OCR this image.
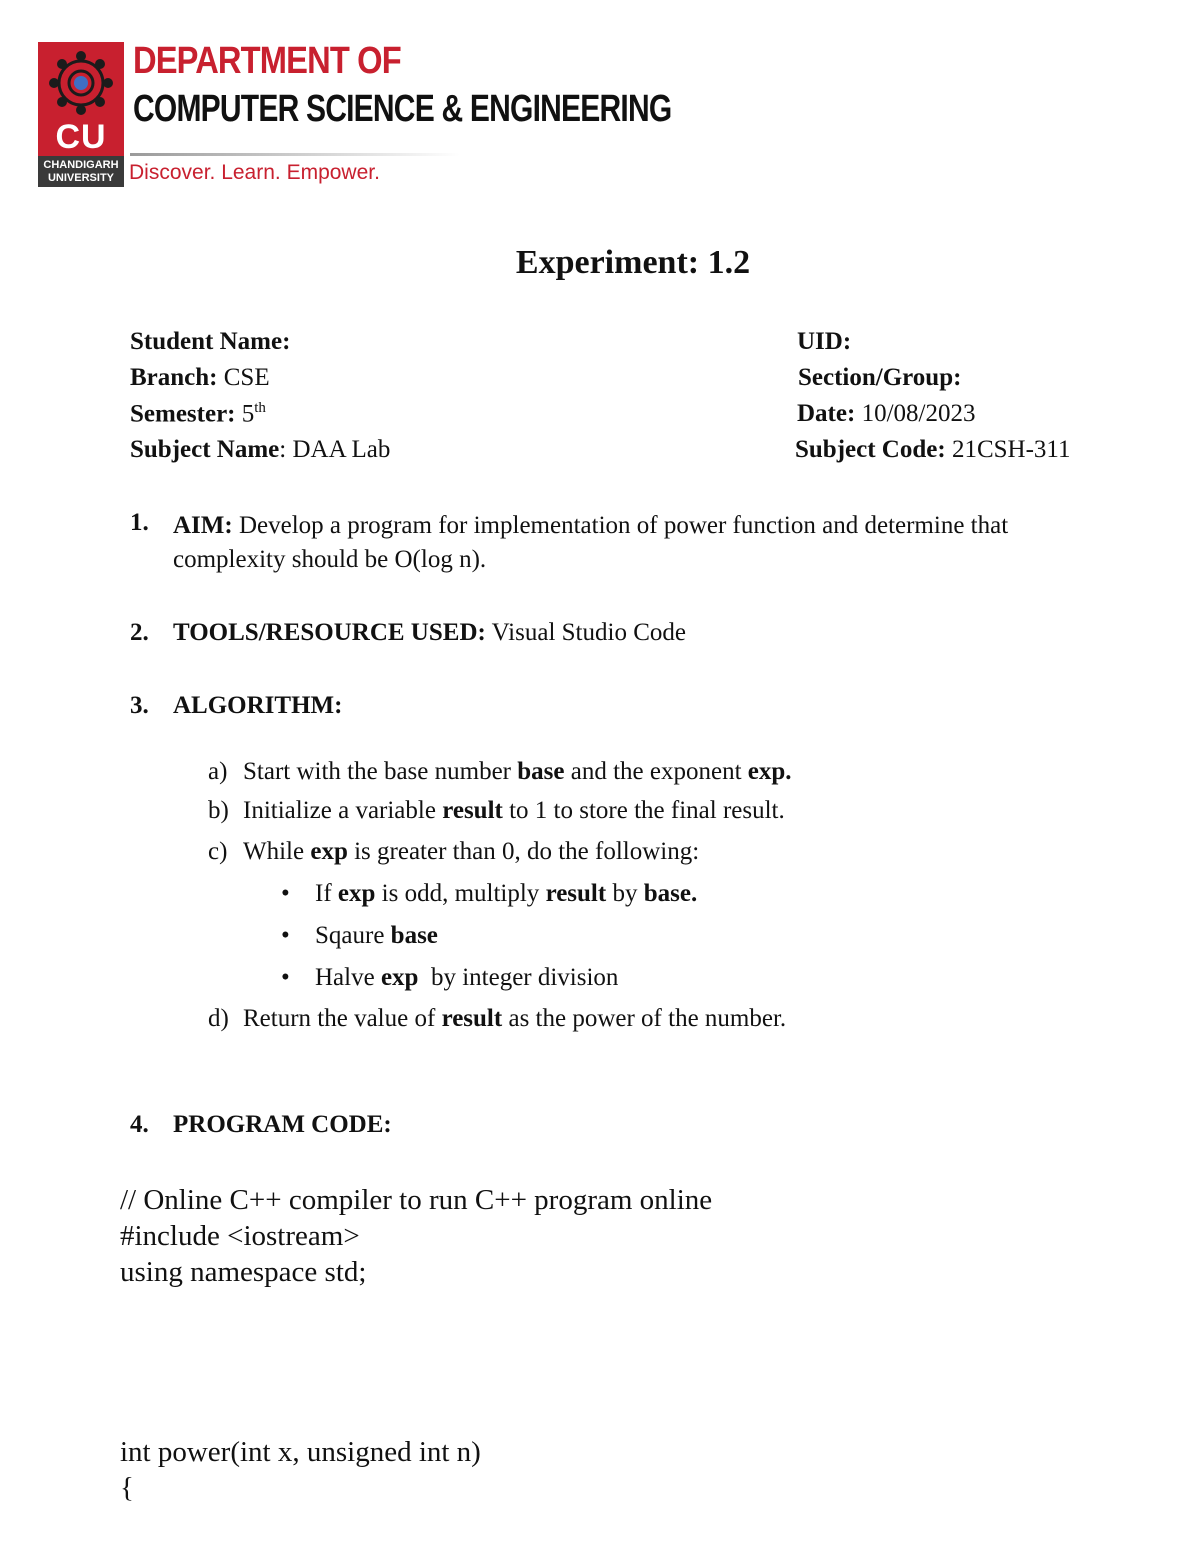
CU
CHANDIGARH
UNIVERSITY
DEPARTMENT OF
COMPUTER SCIENCE & ENGINEERING
Discover. Learn. Empower.
Experiment: 1.2
Student Name:	UID:
Branch: CSE	Section/Group:
Semester: 5th	Date: 10/08/2023
Subject Name: DAA Lab	Subject Code: 21CSH-311
1. AIM: Develop a program for implementation of power function and determine that complexity should be O(log n).
2. TOOLS/RESOURCE USED: Visual Studio Code
3. ALGORITHM:
a) Start with the base number base and the exponent exp.
b) Initialize a variable result to 1 to store the final result.
c) While exp is greater than 0, do the following:
• If exp is odd, multiply result by base.
• Sqaure base
• Halve exp  by integer division
d) Return the value of result as the power of the number.
4. PROGRAM CODE:
// Online C++ compiler to run C++ program online
#include <iostream>
using namespace std;
int power(int x, unsigned int n)
{
